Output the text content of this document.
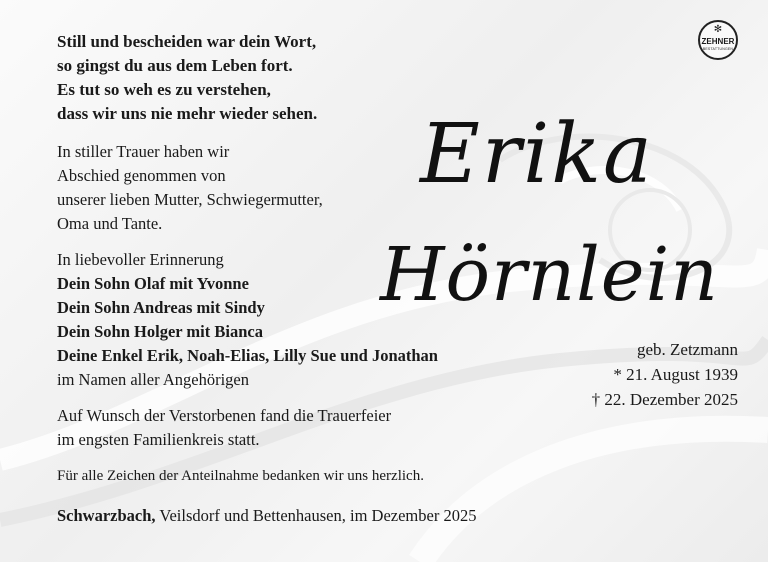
Still und bescheiden war dein Wort,
so gingst du aus dem Leben fort.
Es tut so weh es zu verstehen,
dass wir uns nie mehr wieder sehen.
In stiller Trauer haben wir
Abschied genommen von
unserer lieben Mutter, Schwiegermutter,
Oma und Tante.
In liebevoller Erinnerung
Dein Sohn Olaf mit Yvonne
Dein Sohn Andreas mit Sindy
Dein Sohn Holger mit Bianca
Deine Enkel Erik, Noah-Elias, Lilly Sue und Jonathan
im Namen aller Angehörigen
Auf Wunsch der Verstorbenen fand die Trauerfeier
im engsten Familienkreis statt.
Für alle Zeichen der Anteilnahme bedanken wir uns herzlich.
Schwarzbach, Veilsdorf und Bettenhausen, im Dezember 2025
Erika
Hörnlein
geb. Zetzmann
* 21. August 1939
† 22. Dezember 2025
✻
ZEHNER
BESTATTUNGEN
